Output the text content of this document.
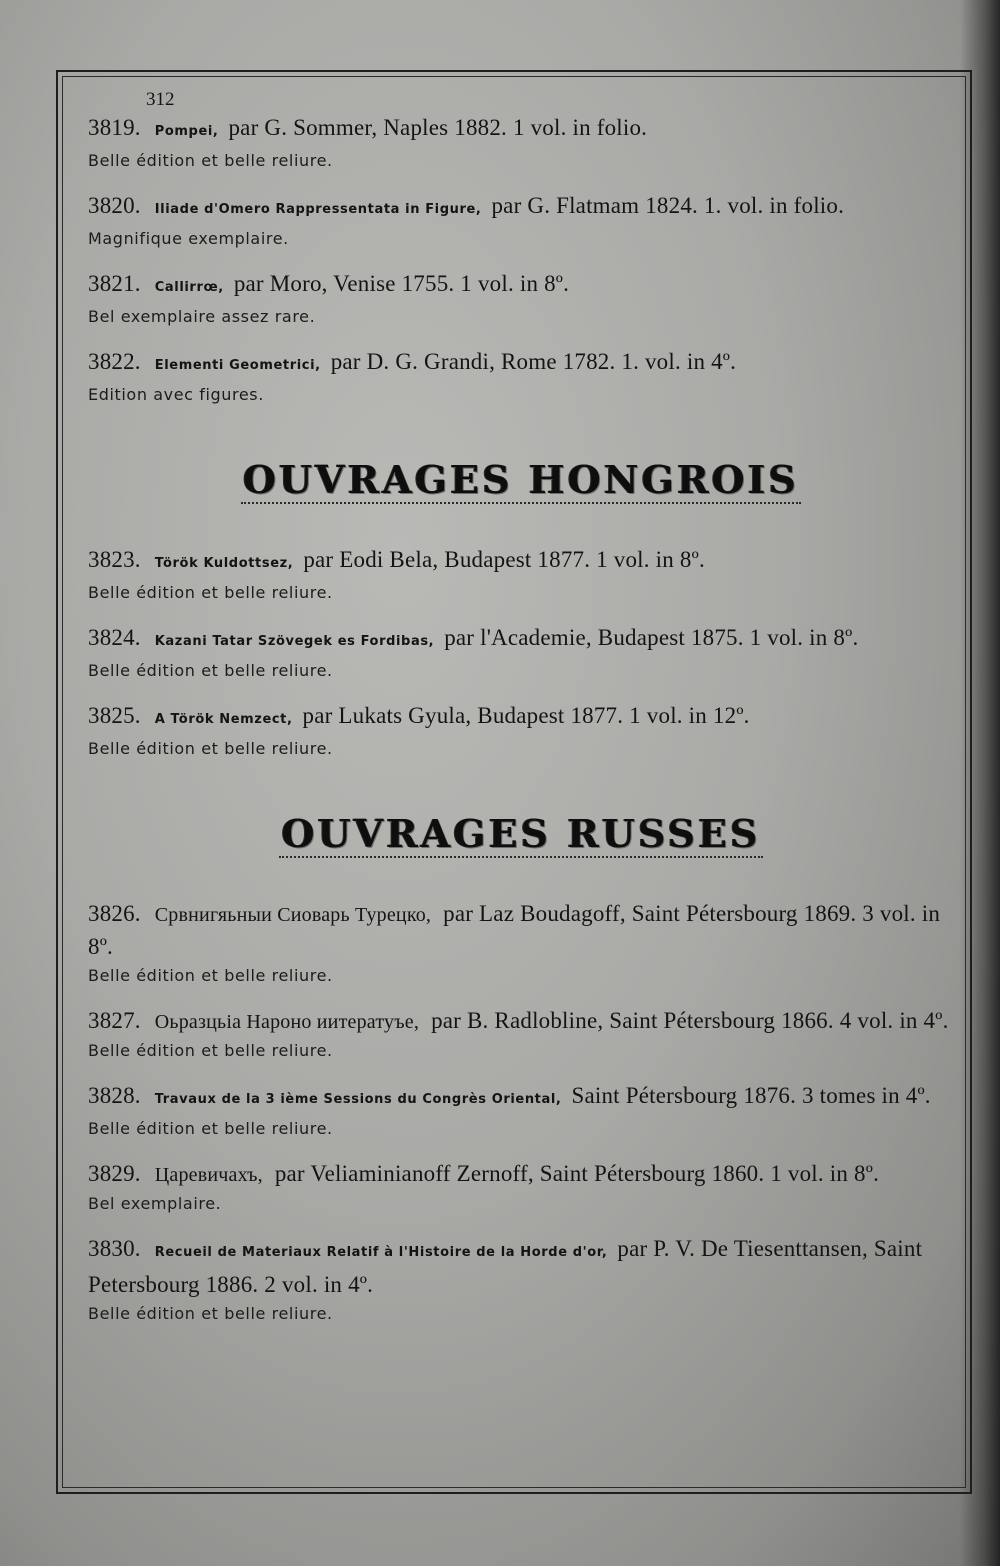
312
3819. Pompei, par G. Sommer, Naples 1882. 1 vol. in folio.
Belle édition et belle reliure.
3820. Iliade d'Omero Rappressentata in Figure, par G. Flatmam 1824. 1. vol. in folio.
Magnifique exemplaire.
3821. Callirrœ, par Moro, Venise 1755. 1 vol. in 8º.
Bel exemplaire assez rare.
3822. Elementi Geometrici, par D. G. Grandi, Rome 1782. 1. vol. in 4º.
Edition avec figures.
OUVRAGES HONGROIS
3823. Török Kuldottsez, par Eodi Bela, Budapest 1877. 1 vol. in 8º.
Belle édition et belle reliure.
3824. Kazani Tatar Szövegek es Fordibas, par l'Academie, Budapest 1875. 1 vol. in 8º.
Belle édition et belle reliure.
3825. A Török Nemzect, par Lukats Gyula, Budapest 1877. 1 vol. in 12º.
Belle édition et belle reliure.
OUVRAGES RUSSES
3826. Срвнигяьныи Сиоварь Турецко, par Laz Boudagoff, Saint Pétersbourg 1869. 3 vol. in 8º.
Belle édition et belle reliure.
3827. Оьразцьіа Нароно иитератуъе, par B. Radlobline, Saint Pétersbourg 1866. 4 vol. in 4º.
Belle édition et belle reliure.
3828. Travaux de la 3 ième Sessions du Congrès Oriental, Saint Pétersbourg 1876. 3 tomes in 4º.
Belle édition et belle reliure.
3829. Царевичахъ, par Veliaminianoff Zernoff, Saint Pétersbourg 1860. 1 vol. in 8º.
Bel exemplaire.
3830. Recueil de Materiaux Relatif à l'Histoire de la Horde d'or, par P. V. De Tiesenttansen, Saint Petersbourg 1886. 2 vol. in 4º.
Belle édition et belle reliure.
